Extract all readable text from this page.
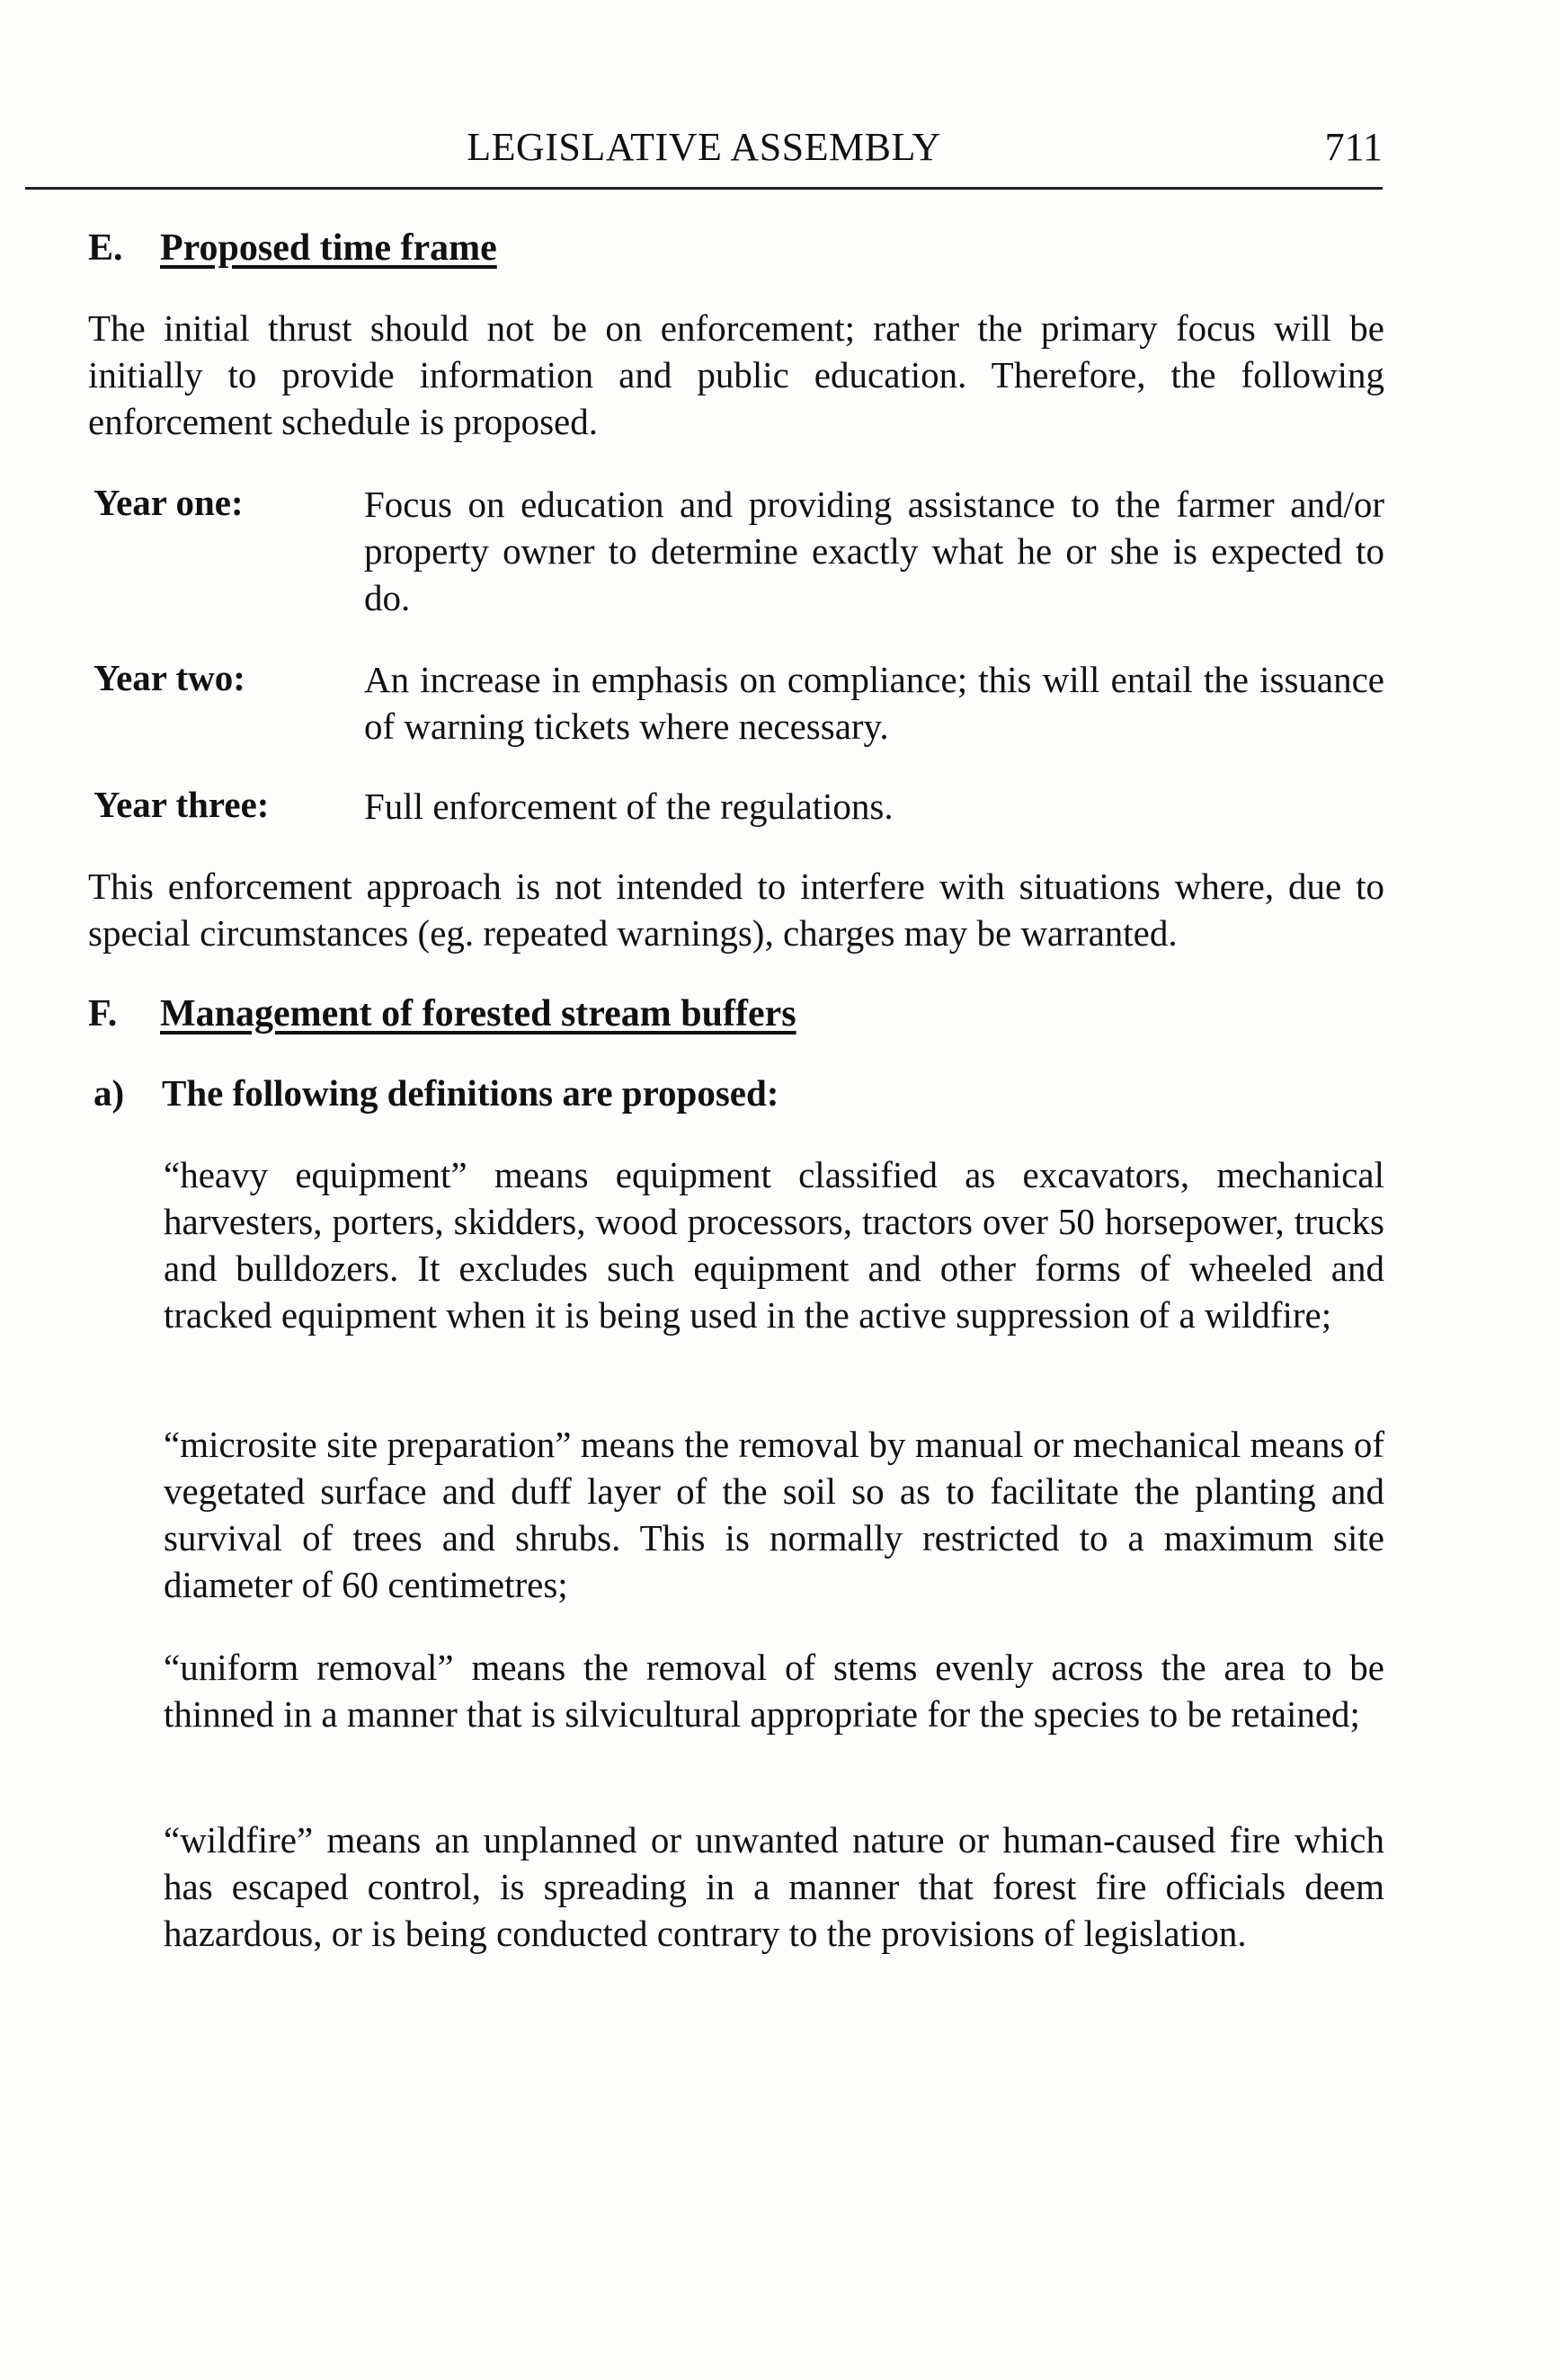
LEGISLATIVE ASSEMBLY	711
E. Proposed time frame

The initial thrust should not be on enforcement; rather the primary focus will be initially to provide information and public education. Therefore, the following enforcement schedule is proposed.

Year one:	Focus on education and providing assistance to the farmer and/or property owner to determine exactly what he or she is expected to do.

Year two:	An increase in emphasis on compliance; this will entail the issuance of warning tickets where necessary.

Year three:	Full enforcement of the regulations.

This enforcement approach is not intended to interfere with situations where, due to special circumstances (eg. repeated warnings), charges may be warranted.

F. Management of forested stream buffers
a) The following definitions are proposed:

“heavy equipment” means equipment classified as excavators, mechanical harvesters, porters, skidders, wood processors, tractors over 50 horsepower, trucks and bulldozers. It excludes such equipment and other forms of wheeled and tracked equipment when it is being used in the active suppression of a wildfire;

“microsite site preparation” means the removal by manual or mechanical means of vegetated surface and duff layer of the soil so as to facilitate the planting and survival of trees and shrubs. This is normally restricted to a maximum site diameter of 60 centimetres;

“uniform removal” means the removal of stems evenly across the area to be thinned in a manner that is silvicultural appropriate for the species to be retained;

“wildfire” means an unplanned or unwanted nature or human-caused fire which has escaped control, is spreading in a manner that forest fire officials deem hazardous, or is being conducted contrary to the provisions of legislation.
